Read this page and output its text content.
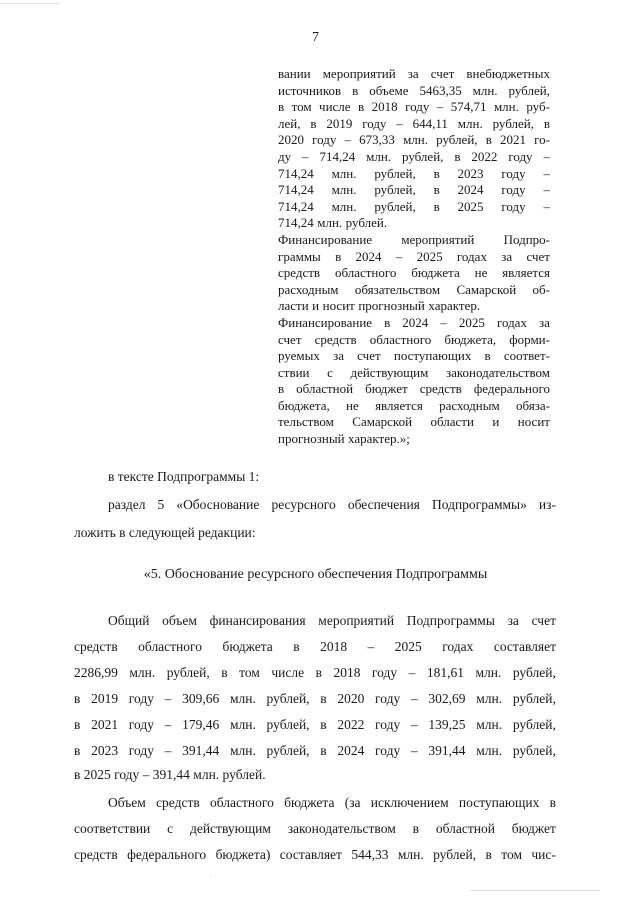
7
вании мероприятий за счет внебюджетных
источников в объеме 5463,35 млн. рублей,
в том числе в 2018 году – 574,71 млн. руб-
лей, в 2019 году – 644,11 млн. рублей, в
2020 году – 673,33 млн. рублей, в 2021 го-
ду – 714,24 млн. рублей, в 2022 году –
714,24 млн. рублей, в 2023 году –
714,24 млн. рублей, в 2024 году –
714,24 млн. рублей, в 2025 году –
714,24 млн. рублей.
Финансирование мероприятий Подпро-
граммы в 2024 – 2025 годах за счет
средств областного бюджета не является
расходным обязательством Самарской об-
ласти и носит прогнозный характер.
Финансирование в 2024 – 2025 годах за
счет средств областного бюджета, форми-
руемых за счет поступающих в соответ-
ствии с действующим законодательством
в областной бюджет средств федерального
бюджета, не является расходным обяза-
тельством Самарской области и носит
прогнозный характер.»;
в тексте Подпрограммы 1:
раздел 5 «Обоснование ресурсного обеспечения Подпрограммы» из-
ложить в следующей редакции:
«5. Обоснование ресурсного обеспечения Подпрограммы
Общий объем финансирования мероприятий Подпрограммы за счет
средств областного бюджета в 2018 – 2025 годах составляет
2286,99 млн. рублей, в том числе в 2018 году – 181,61 млн. рублей,
в 2019 году – 309,66 млн. рублей, в 2020 году – 302,69 млн. рублей,
в 2021 году – 179,46 млн. рублей, в 2022 году – 139,25 млн. рублей,
в 2023 году – 391,44 млн. рублей, в 2024 году – 391,44 млн. рублей,
в 2025 году – 391,44 млн. рублей.
Объем средств областного бюджета (за исключением поступающих в
соответствии с действующим законодательством в областной бюджет
средств федерального бюджета) составляет 544,33 млн. рублей, в том чис-
